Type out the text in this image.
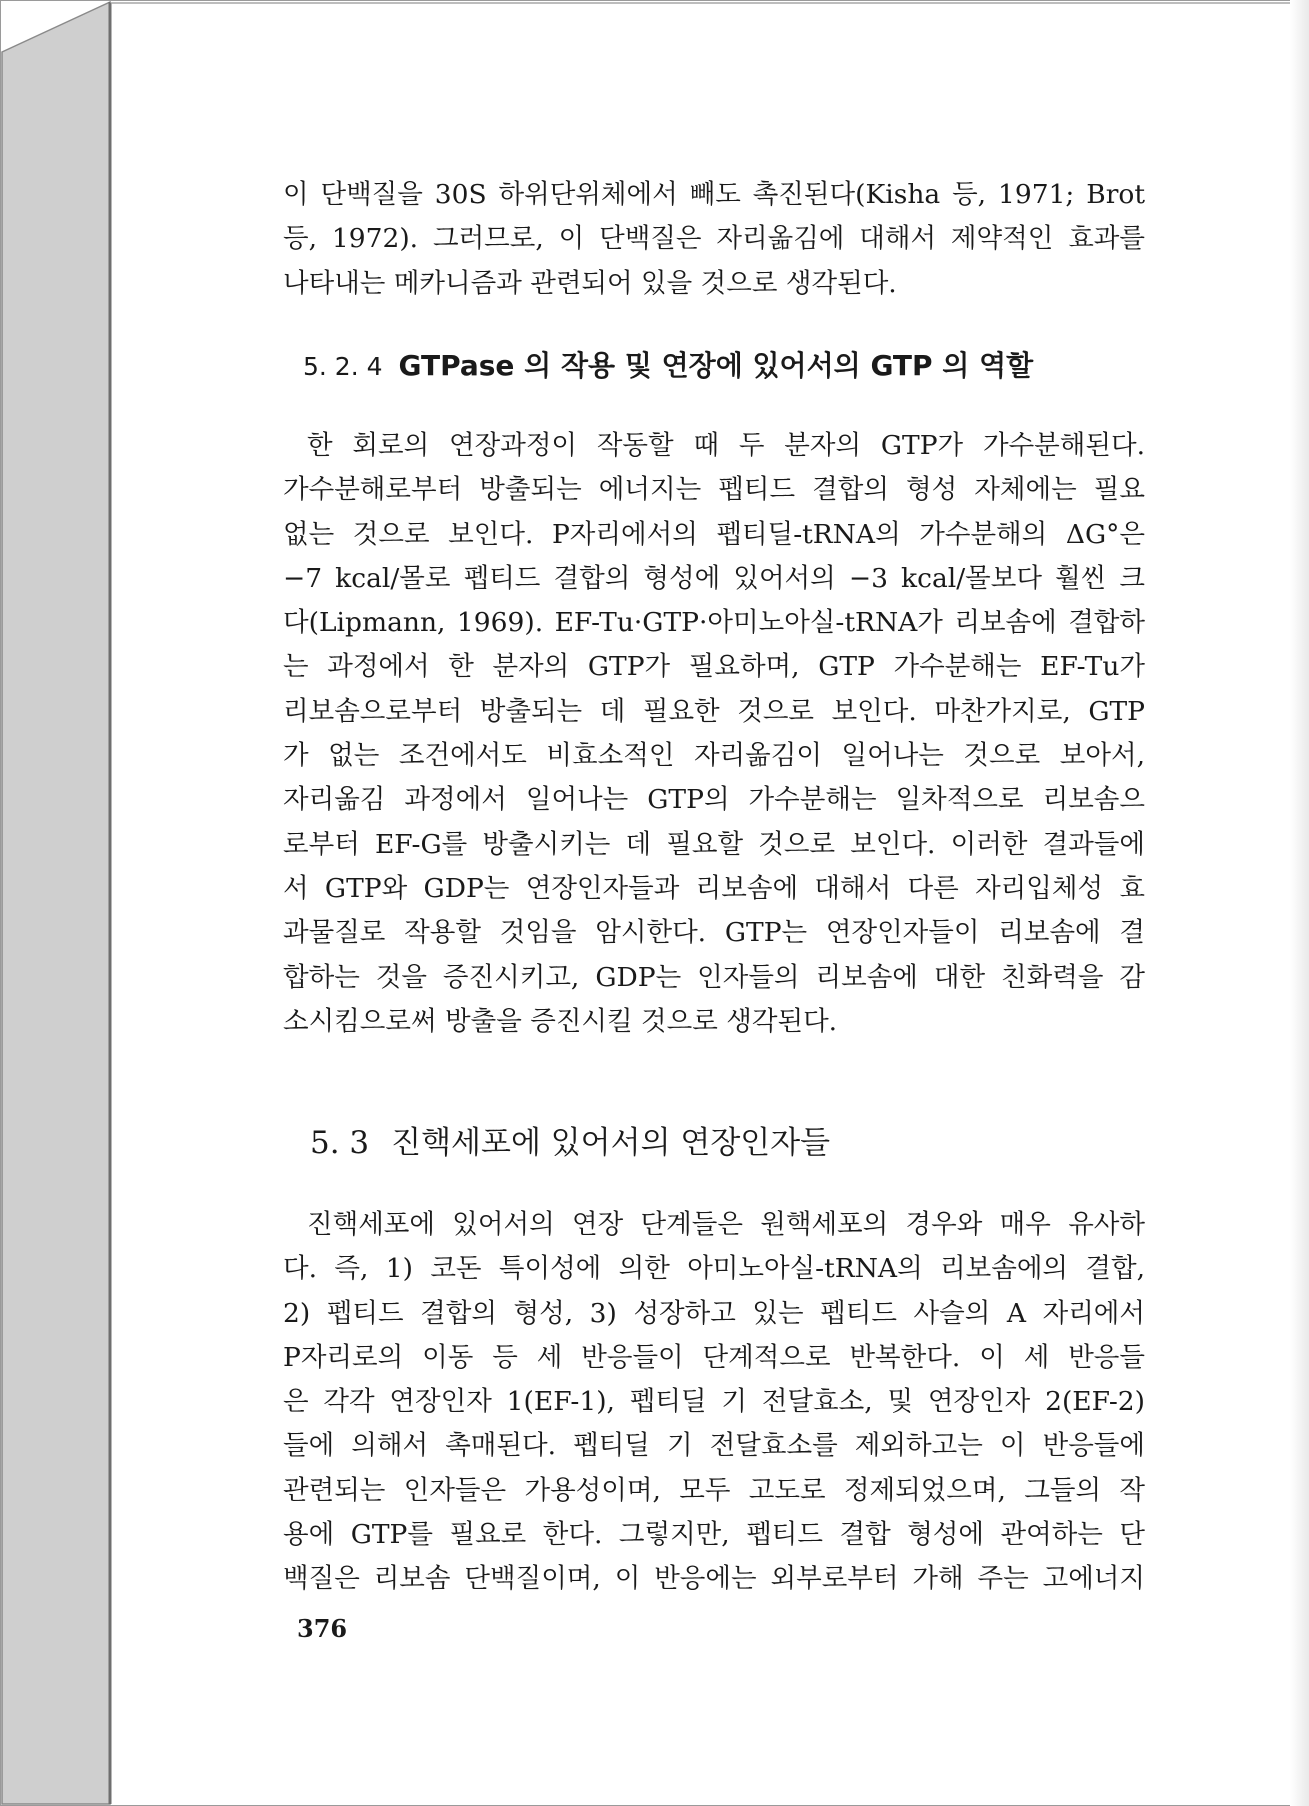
이 단백질을 30S 하위단위체에서 빼도 촉진된다(Kisha 등, 1971; Brot
등, 1972). 그러므로, 이 단백질은 자리옮김에 대해서 제약적인 효과를
나타내는 메카니즘과 관련되어 있을 것으로 생각된다.
5. 2. 4 GTPase 의 작용 및 연장에 있어서의 GTP 의 역할
한 회로의 연장과정이 작동할 때 두 분자의 GTP가 가수분해된다.
가수분해로부터 방출되는 에너지는 펩티드 결합의 형성 자체에는 필요
없는 것으로 보인다. P자리에서의 펩티딜-tRNA의 가수분해의 ΔG°은
−7 kcal/몰로 펩티드 결합의 형성에 있어서의 −3 kcal/몰보다 훨씬 크
다(Lipmann, 1969). EF-Tu·GTP·아미노아실-tRNA가 리보솜에 결합하
는 과정에서 한 분자의 GTP가 필요하며, GTP 가수분해는 EF-Tu가
리보솜으로부터 방출되는 데 필요한 것으로 보인다. 마찬가지로, GTP
가 없는 조건에서도 비효소적인 자리옮김이 일어나는 것으로 보아서,
자리옮김 과정에서 일어나는 GTP의 가수분해는 일차적으로 리보솜으
로부터 EF-G를 방출시키는 데 필요할 것으로 보인다. 이러한 결과들에
서 GTP와 GDP는 연장인자들과 리보솜에 대해서 다른 자리입체성 효
과물질로 작용할 것임을 암시한다. GTP는 연장인자들이 리보솜에 결
합하는 것을 증진시키고, GDP는 인자들의 리보솜에 대한 친화력을 감
소시킴으로써 방출을 증진시킬 것으로 생각된다.
5. 3 진핵세포에 있어서의 연장인자들
진핵세포에 있어서의 연장 단계들은 원핵세포의 경우와 매우 유사하
다. 즉, 1) 코돈 특이성에 의한 아미노아실-tRNA의 리보솜에의 결합,
2) 펩티드 결합의 형성, 3) 성장하고 있는 펩티드 사슬의 A 자리에서
P자리로의 이동 등 세 반응들이 단계적으로 반복한다. 이 세 반응들
은 각각 연장인자 1(EF-1), 펩티딜 기 전달효소, 및 연장인자 2(EF-2)
들에 의해서 촉매된다. 펩티딜 기 전달효소를 제외하고는 이 반응들에
관련되는 인자들은 가용성이며, 모두 고도로 정제되었으며, 그들의 작
용에 GTP를 필요로 한다. 그렇지만, 펩티드 결합 형성에 관여하는 단
백질은 리보솜 단백질이며, 이 반응에는 외부로부터 가해 주는 고에너지
376
